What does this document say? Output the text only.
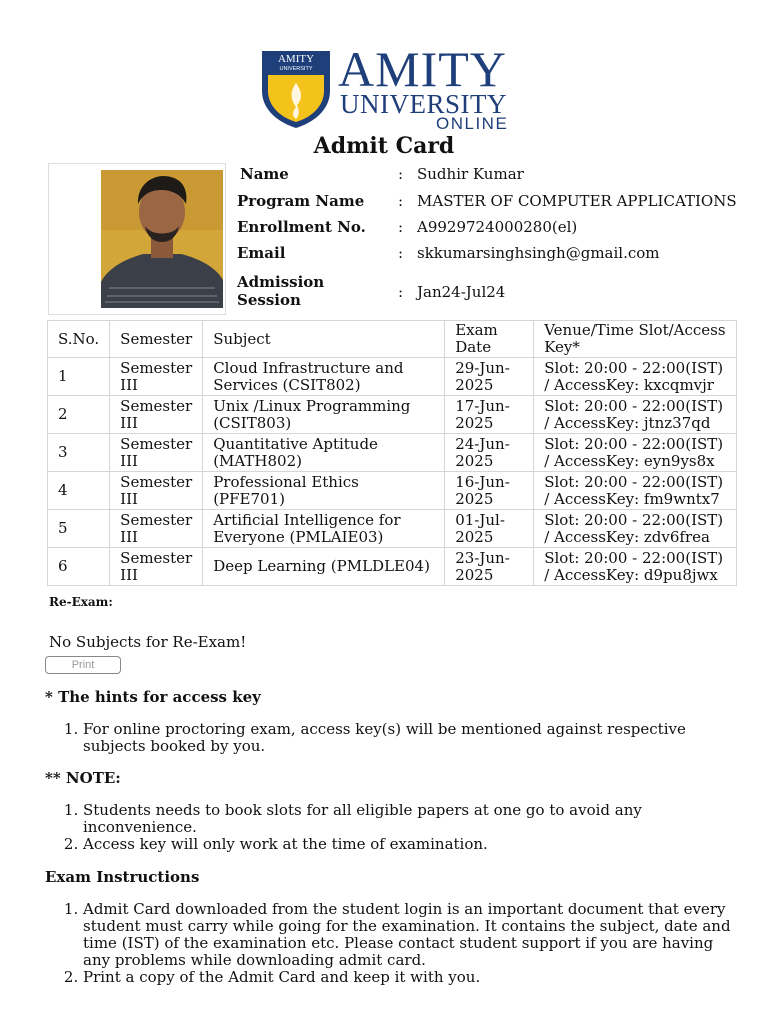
AMITY
UNIVERSITY AMITY
UNIVERSITY
ONLINE
Admit Card
Name	: Sudhir Kumar
Program Name : MASTER OF COMPUTER APPLICATIONS
Enrollment No. : A9929724000280(el)
Email	: skkumarsinghsingh@gmail.com
Admission
Session	: Jan24-Jul24
S.No.	Semester	Subject	Exam Date	Venue/Time Slot/Access Key*
1	Semester III	Cloud Infrastructure and Services (CSIT802)	29-Jun-2025	Slot: 20:00 - 22:00(IST) / AccessKey: kxcqmvjr
2	Semester III	Unix /Linux Programming (CSIT803)	17-Jun-2025	Slot: 20:00 - 22:00(IST) / AccessKey: jtnz37qd
3	Semester III	Quantitative Aptitude (MATH802)	24-Jun-2025	Slot: 20:00 - 22:00(IST) / AccessKey: eyn9ys8x
4	Semester III	Professional Ethics (PFE701)	16-Jun-2025	Slot: 20:00 - 22:00(IST) / AccessKey: fm9wntx7
5	Semester III	Artificial Intelligence for Everyone (PMLAIE03)	01-Jul-2025	Slot: 20:00 - 22:00(IST) / AccessKey: zdv6frea
6	Semester III	Deep Learning (PMLDLE04)	23-Jun-2025	Slot: 20:00 - 22:00(IST) / AccessKey: d9pu8jwx
Re-Exam:
No Subjects for Re-Exam!
Print
* The hints for access key
1. For online proctoring exam, access key(s) will be mentioned against respective subjects booked by you.
** NOTE:
1. Students needs to book slots for all eligible papers at one go to avoid any inconvenience.
2. Access key will only work at the time of examination.
Exam Instructions
1. Admit Card downloaded from the student login is an important document that every student must carry while going for the examination. It contains the subject, date and time (IST) of the examination etc. Please contact student support if you are having any problems while downloading admit card.
2. Print a copy of the Admit Card and keep it with you.
